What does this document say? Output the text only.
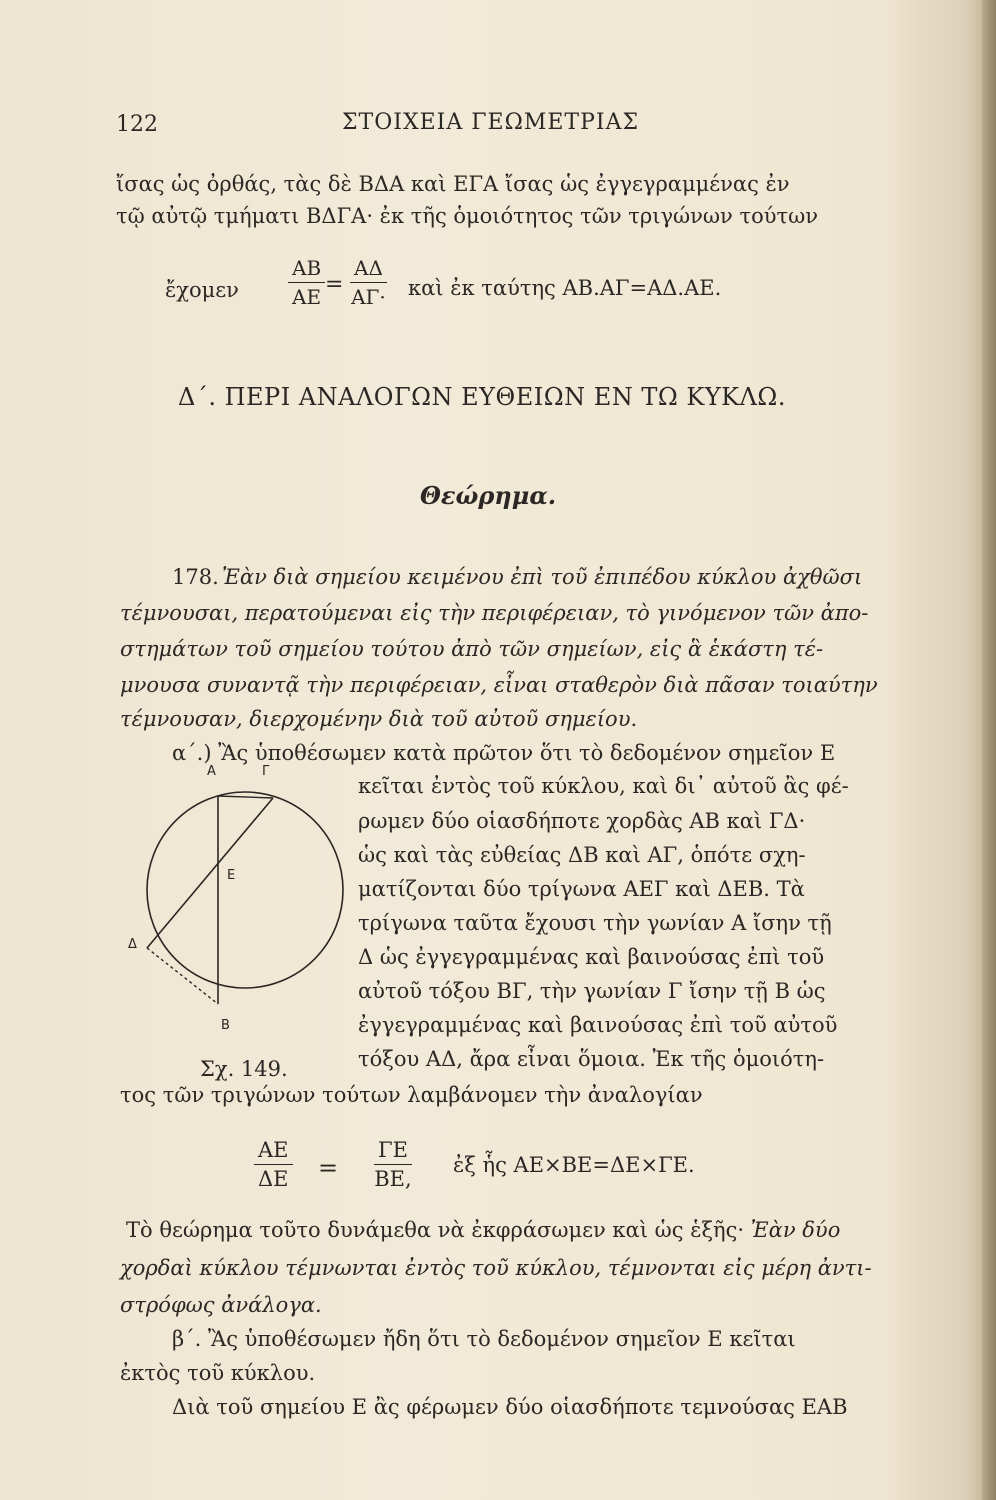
122	ΣΤΟΙΧΕΙΑ ΓΕΩΜΕΤΡΙΑΣ
ἴσας ὡς ὀρθάς, τὰς δὲ ΒΔΑ καὶ ΕΓΑ ἴσας ὡς ἐγγεγραμμένας ἐν
τῷ αὐτῷ τμήματι ΒΔΓΑ· ἐκ τῆς ὁμοιότητος τῶν τριγώνων τούτων
ἔχομεν $\frac{AB}{AE} = \frac{A\Delta}{A\Gamma\cdot}$ καὶ ἐκ ταύτης ΑΒ.ΑΓ=ΑΔ.ΑΕ.
Δ΄. ΠΕΡΙ ΑΝΑΛΟΓΩΝ ΕΥΘΕΙΩΝ ΕΝ ΤΩ ΚΥΚΛΩ.
Θεώρημα.
178. Ἐὰν διὰ σημείου κειμένου ἐπὶ τοῦ ἐπιπέδου κύκλου ἀχθῶσι
τέμνουσαι, περατούμεναι εἰς τὴν περιφέρειαν, τὸ γινόμενον τῶν ἀπο-
στημάτων τοῦ σημείου τούτου ἀπὸ τῶν σημείων, εἰς ἃ ἑκάστη τέ-
μνουσα συναντᾷ τὴν περιφέρειαν, εἶναι σταθερὸν διὰ πᾶσαν τοιαύτην
τέμνουσαν, διερχομένην διὰ τοῦ αὐτοῦ σημείου.
α΄.) Ἂς ὑποθέσωμεν κατὰ πρῶτον ὅτι τὸ δεδομένον σημεῖον Ε
κεῖται ἐντὸς τοῦ κύκλου, καὶ δι᾽ αὐτοῦ ἂς φέ-
ρωμεν δύο οἱασδήποτε χορδὰς ΑΒ καὶ ΓΔ·
ὡς καὶ τὰς εὐθείας ΔΒ καὶ ΑΓ, ὁπότε σχη-
ματίζονται δύο τρίγωνα ΑΕΓ καὶ ΔΕΒ. Τὰ
τρίγωνα ταῦτα ἔχουσι τὴν γωνίαν Α ἴσην τῇ
Δ ὡς ἐγγεγραμμένας καὶ βαινούσας ἐπὶ τοῦ
αὐτοῦ τόξου ΒΓ, τὴν γωνίαν Γ ἴσην τῇ Β ὡς
ἐγγεγραμμένας καὶ βαινούσας ἐπὶ τοῦ αὐτοῦ
τόξου ΑΔ, ἄρα εἶναι ὅμοια. Ἐκ τῆς ὁμοιότη-
τος τῶν τριγώνων τούτων λαμβάνομεν τὴν ἀναλογίαν
Α	Γ
Ε
Δ
Β
Σχ. 149.
$\frac{AE}{\Delta E} = \frac{\Gamma E}{BE,}$ ἐξ ἧς ΑΕ×ΒΕ=ΔΕ×ΓΕ.
Τὸ θεώρημα τοῦτο δυνάμεθα νὰ ἐκφράσωμεν καὶ ὡς ἑξῆς· Ἐὰν δύο
χορδαὶ κύκλου τέμνωνται ἐντὸς τοῦ κύκλου, τέμνονται εἰς μέρη ἀντι-
στρόφως ἀνάλογα.
β΄. Ἂς ὑποθέσωμεν ἤδη ὅτι τὸ δεδομένον σημεῖον Ε κεῖται
ἐκτὸς τοῦ κύκλου.
Διὰ τοῦ σημείου Ε ἂς φέρωμεν δύο οἱασδήποτε τεμνούσας ΕΑΒ
